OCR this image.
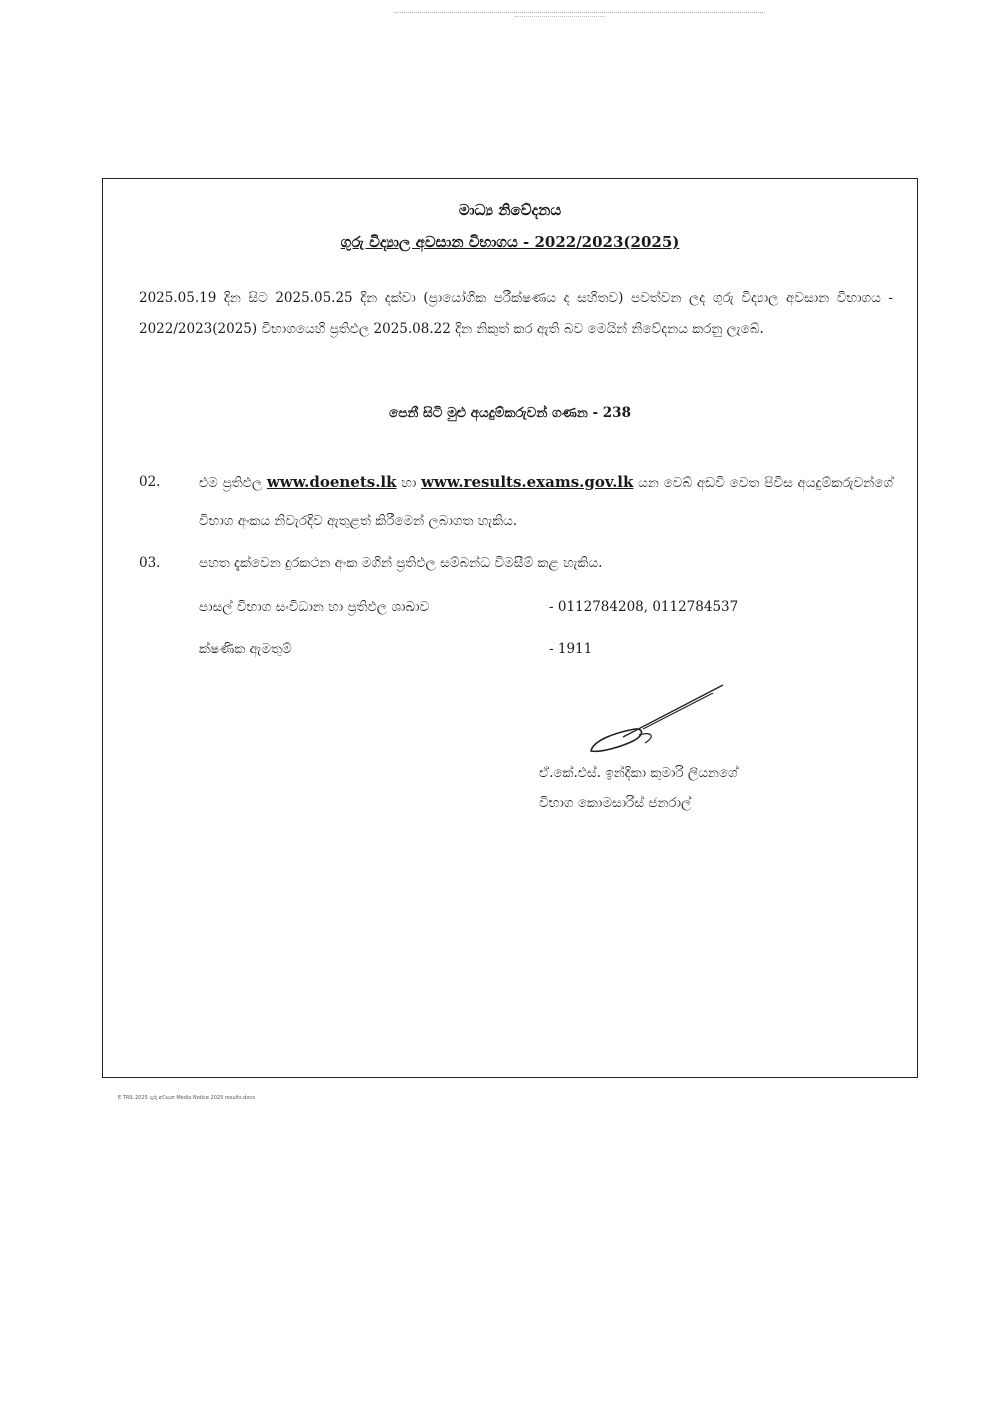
මාධ්‍ය නිවේදනය
ගුරු විද්‍යාල අවසාන විභාගය - 2022/2023(2025)
2025.05.19 දින සිට 2025.05.25 දින දක්වා (ප්‍රායෝගික පරීක්ෂණය ද සහිතව) පවත්වන ලද ගුරු විද්‍යාල අවසාන විභාගය - 2022/2023(2025) විභාගයෙහි ප්‍රතිඵල 2025.08.22 දින නිකුත් කර ඇති බව මෙයින් නිවේදනය කරනු ලැබේ.
පෙනී සිටි මුළු අයදුම්කරුවන් ගණන - 238
02.	එම ප්‍රතිඵල www.doenets.lk හා www.results.exams.gov.lk යන වෙබ් අඩවි වෙත පිවිස අයදුම්කරුවන්ගේ විභාග අංකය නිවැරදිව ඇතුළත් කිරීමෙන් ලබාගත හැකිය.
03.	පහත දැක්වෙන දුරකථන අංක මගින් ප්‍රතිඵල සම්බන්ධ විමසීම් කළ හැකිය.
පාසල් විභාග සංවිධාන හා ප්‍රතිඵල ශාඛාව	- 0112784208, 0112784537
ක්ෂණික ඇමතුම්	- 1911
ඒ.කේ.එස්. ඉන්දිකා කුමාරි ලියනගේ
විභාග කොමසාරිස් ජනරාල්
E TRIL 2025 ගුරු අවසාන Media Notice 2025 results.docx
